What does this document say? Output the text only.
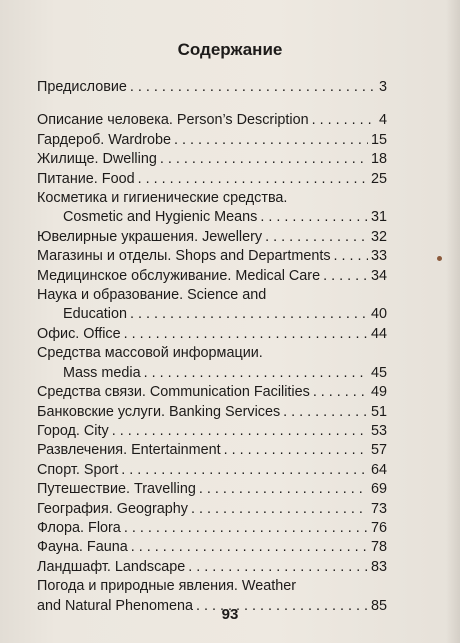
Содержание
Предисловие . . .	3
Описание человека. Person’s Description . . .	4
Гардероб. Wardrobe . . .	15
Жилище. Dwelling . . .	18
Питание. Food . . .	25
Косметика и гигиенические средства.
Cosmetic and Hygienic Means . . .	31
Ювелирные украшения. Jewellery . . .	32
Магазины и отделы. Shops and Departments . . .	33
Медицинское обслуживание. Medical Care . . .	34
Наука и образование. Science and
Education . . .	40
Офис. Office . . .	44
Средства массовой информации.
Mass media . . .	45
Средства связи. Communication Facilities . . .	49
Банковские услуги. Banking Services . . .	51
Город. City . . .	53
Развлечения. Entertainment . . .	57
Спорт. Sport . . .	64
Путешествие. Travelling . . .	69
География. Geography . . .	73
Флора. Flora . . .	76
Фауна. Fauna . . .	78
Ландшафт. Landscape . . .	83
Погода и природные явления. Weather
and Natural Phenomena . . .	85
93
